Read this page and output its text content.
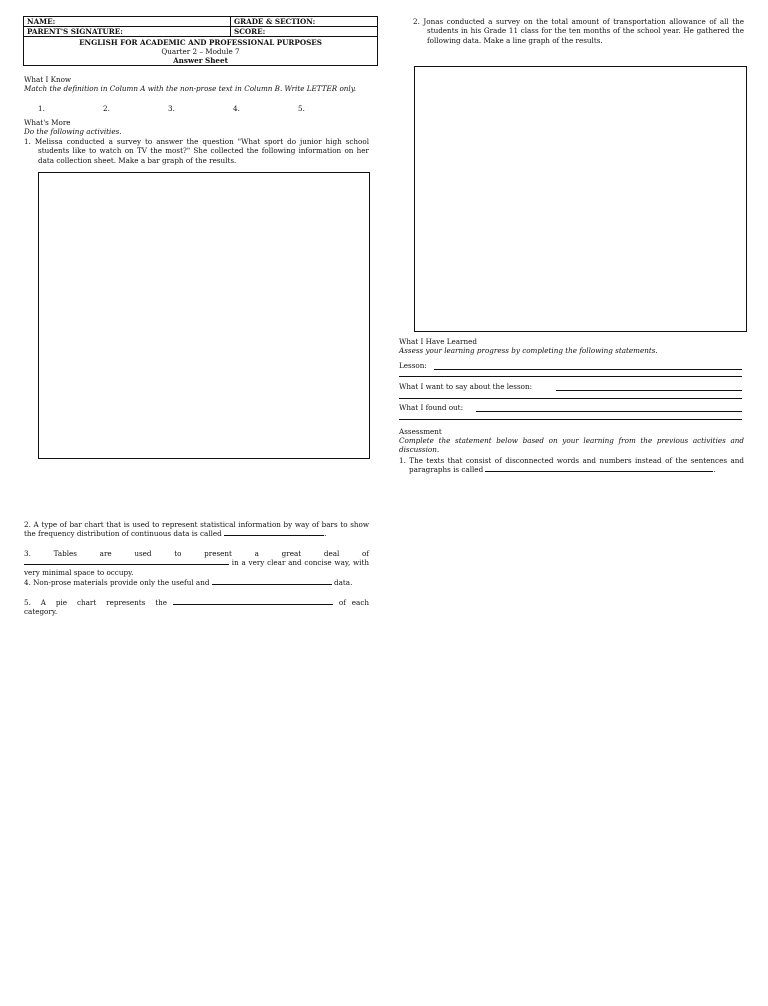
NAME:	GRADE & SECTION:
PARENT'S SIGNATURE:	SCORE:

ENGLISH FOR ACADEMIC AND PROFESSIONAL PURPOSES
Quarter 2 – Module 7
Answer Sheet	
What I Know
Match the definition in Column A with the non-prose text in Column B. Write LETTER only.
1.	2.	3.	4.	5.
What's More
Do the following activities.
1. Melissa conducted a survey to answer the question "What sport do junior high school students like to watch on TV the most?" She collected the following information on her data collection sheet. Make a bar graph of the results.
2. A type of bar chart that is used to represent statistical information by way of bars to show the frequency distribution of continuous data is called	.
3. Tables are used to present a great deal of  in a very clear and concise way, with very minimal space to occupy.
4. Non-prose materials provide only the useful and	data.
5. A pie chart represents the	of each category.
2. Jonas conducted a survey on the total amount of transportation allowance of all the students in his Grade 11 class for the ten months of the school year. He gathered the following data. Make a line graph of the results.
What I Have Learned
Assess your learning progress by completing the following statements.
Lesson:
What I want to say about the lesson:
What I found out:
Assessment
Complete the statement below based on your learning from the previous activities and discussion.
1. The texts that consist of disconnected words and numbers instead of the sentences and paragraphs is called	.
